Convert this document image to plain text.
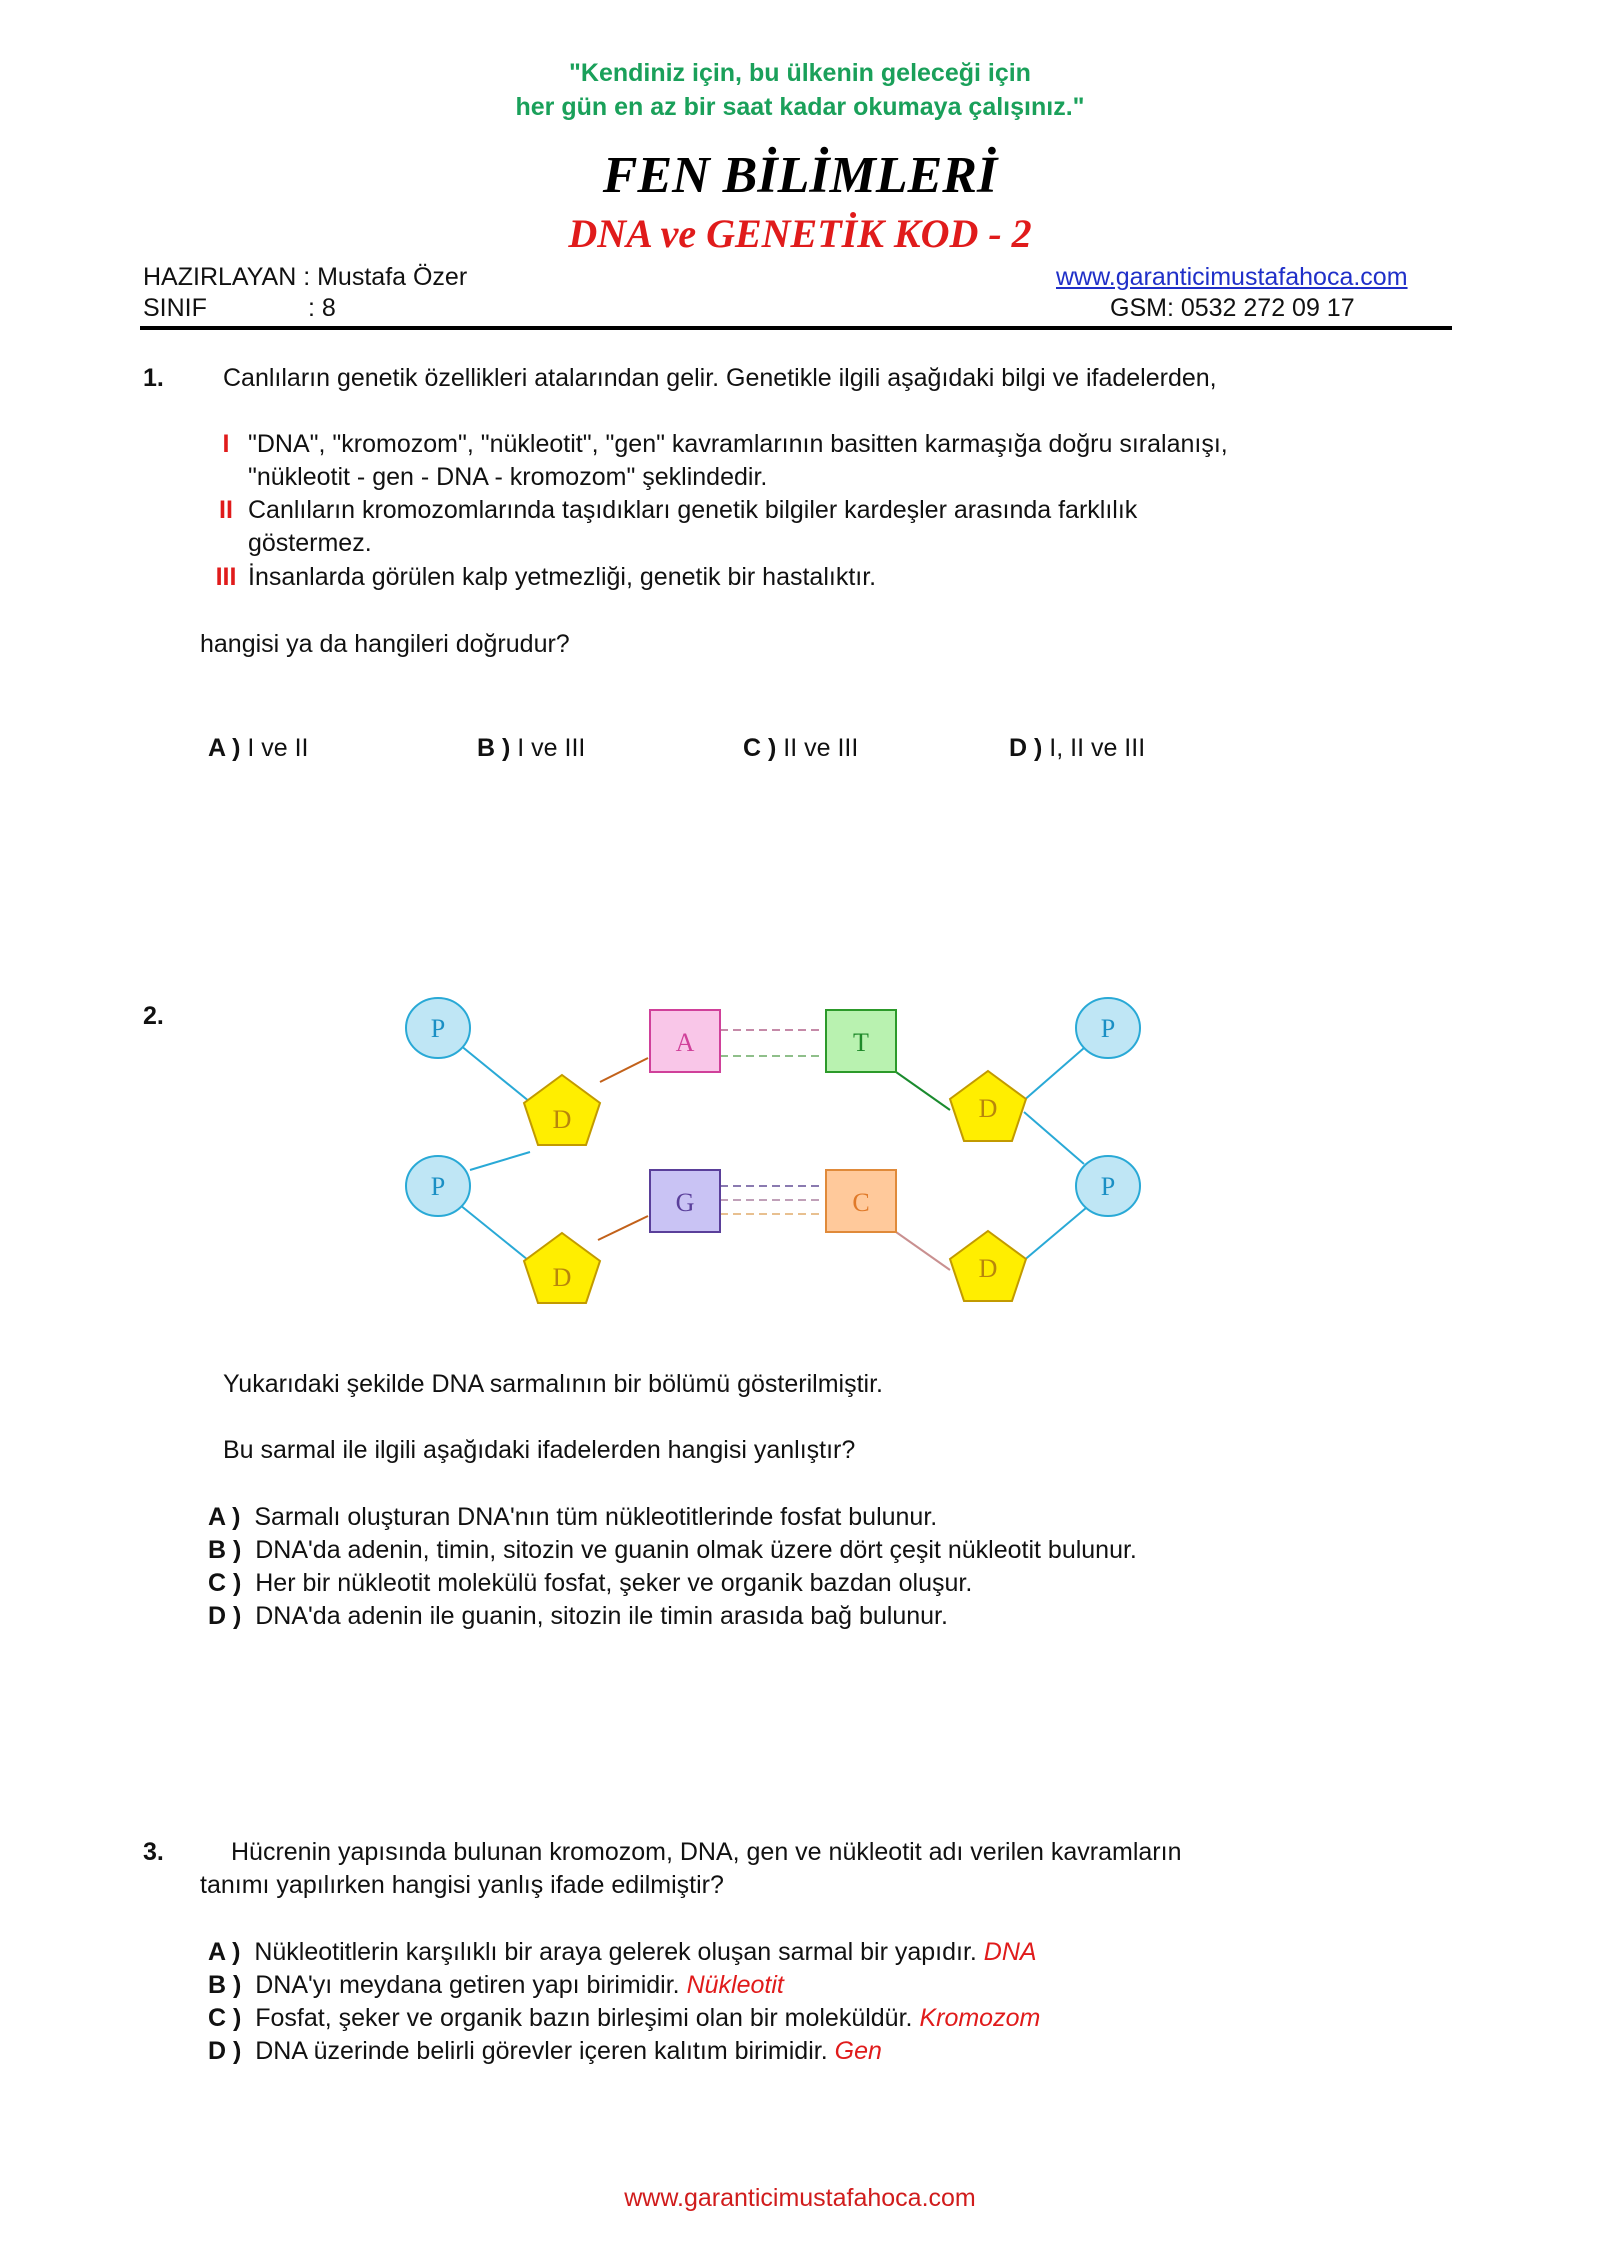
"Kendiniz için, bu ülkenin geleceği için
her gün en az bir saat kadar okumaya çalışınız."
FEN BİLİMLERİ
DNA ve GENETİK KOD - 2
HAZIRLAYAN : Mustafa Özer
SINIF	: 8
www.garanticimustafahoca.com
GSM: 0532 272 09 17
1. Canlıların genetik özellikleri atalarından gelir. Genetikle ilgili aşağıdaki bilgi ve ifadelerden,
I "DNA", "kromozom", "nükleotit", "gen" kavramlarının basitten karmaşığa doğru sıralanışı,
"nükleotit - gen - DNA - kromozom" şeklindedir.
II Canlıların kromozomlarında taşıdıkları genetik bilgiler kardeşler arasında farklılık
göstermez.
III İnsanlarda görülen kalp yetmezliği, genetik bir hastalıktır.
hangisi ya da hangileri doğrudur?
A ) I ve II	B ) I ve III	C ) II ve III	D ) I, II ve III
2.	P
P
P
P
D
D
D
D
A	T
G	C
Yukarıdaki şekilde DNA sarmalının bir bölümü gösterilmiştir.
Bu sarmal ile ilgili aşağıdaki ifadelerden hangisi yanlıştır?
A ) Sarmalı oluşturan DNA'nın tüm nükleotitlerinde fosfat bulunur.
B ) DNA'da adenin, timin, sitozin ve guanin olmak üzere dört çeşit nükleotit bulunur.
C ) Her bir nükleotit molekülü fosfat, şeker ve organik bazdan oluşur.
D ) DNA'da adenin ile guanin, sitozin ile timin arasıda bağ bulunur.
3.	Hücrenin yapısında bulunan kromozom, DNA, gen ve nükleotit adı verilen kavramların
tanımı yapılırken hangisi yanlış ifade edilmiştir?
A ) Nükleotitlerin karşılıklı bir araya gelerek oluşan sarmal bir yapıdır. DNA
B ) DNA'yı meydana getiren yapı birimidir. Nükleotit
C ) Fosfat, şeker ve organik bazın birleşimi olan bir moleküldür. Kromozom
D ) DNA üzerinde belirli görevler içeren kalıtım birimidir. Gen
www.garanticimustafahoca.com
